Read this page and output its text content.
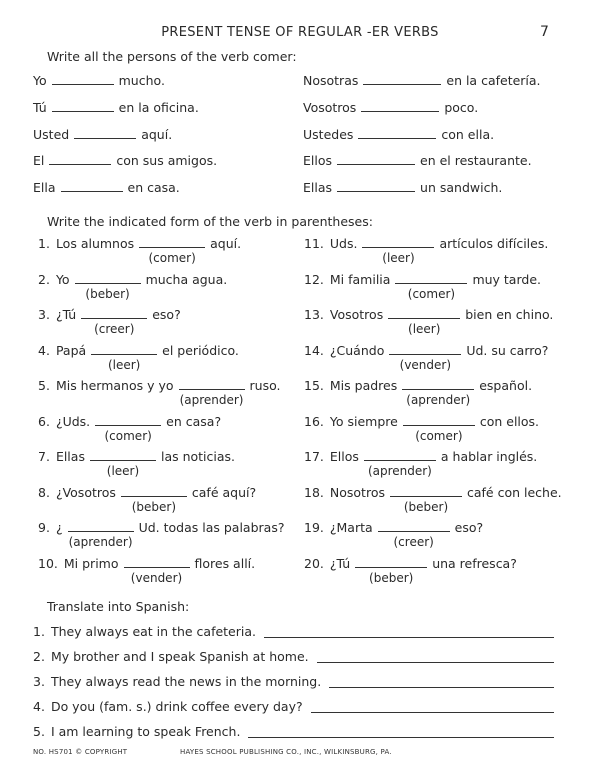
PRESENT TENSE OF REGULAR -ER VERBS	7
Write all the persons of the verb comer:
Yo	mucho.	Nosotras	en la cafetería.
Tú	en la oficina.	Vosotros	poco.
Usted	aquí.	Ustedes	con ella.
El	con sus amigos.	Ellos	en el restaurante.
Ella	en casa.	Ellas	un sandwich.
Write the indicated form of the verb in parentheses:
1. Los alumnos	aquí.
(comer)
11. Uds.	artículos difíciles.
(leer)
2. Yo	mucha agua.
(beber)
12. Mi familia	muy tarde.
(comer)
3. ¿Tú	eso?
(creer)
13. Vosotros	bien en chino.
(leer)
4. Papá	el periódico.
(leer)
14. ¿Cuándo	Ud. su carro?
(vender)
5. Mis hermanos y yo	ruso.
(aprender)
15. Mis padres	español.
(aprender)
6. ¿Uds.	en casa?
(comer)
16. Yo siempre	con ellos.
(comer)
7. Ellas	las noticias.
(leer)
17. Ellos	a hablar inglés.
(aprender)
8. ¿Vosotros	café aquí?
(beber)
18. Nosotros	café con leche.
(beber)
9. ¿	Ud. todas las palabras?
(aprender)
19. ¿Marta	eso?
(creer)
10. Mi primo	flores allí.
(vender)
20. ¿Tú	una refresca?
(beber)
Translate into Spanish:
1. They always eat in the cafeteria.
2. My brother and I speak Spanish at home.
3. They always read the news in the morning.
4. Do you (fam. s.) drink coffee every day?
5. I am learning to speak French.
NO. HS701 © COPYRIGHT	HAYES SCHOOL PUBLISHING CO., INC., WILKINSBURG, PA.
